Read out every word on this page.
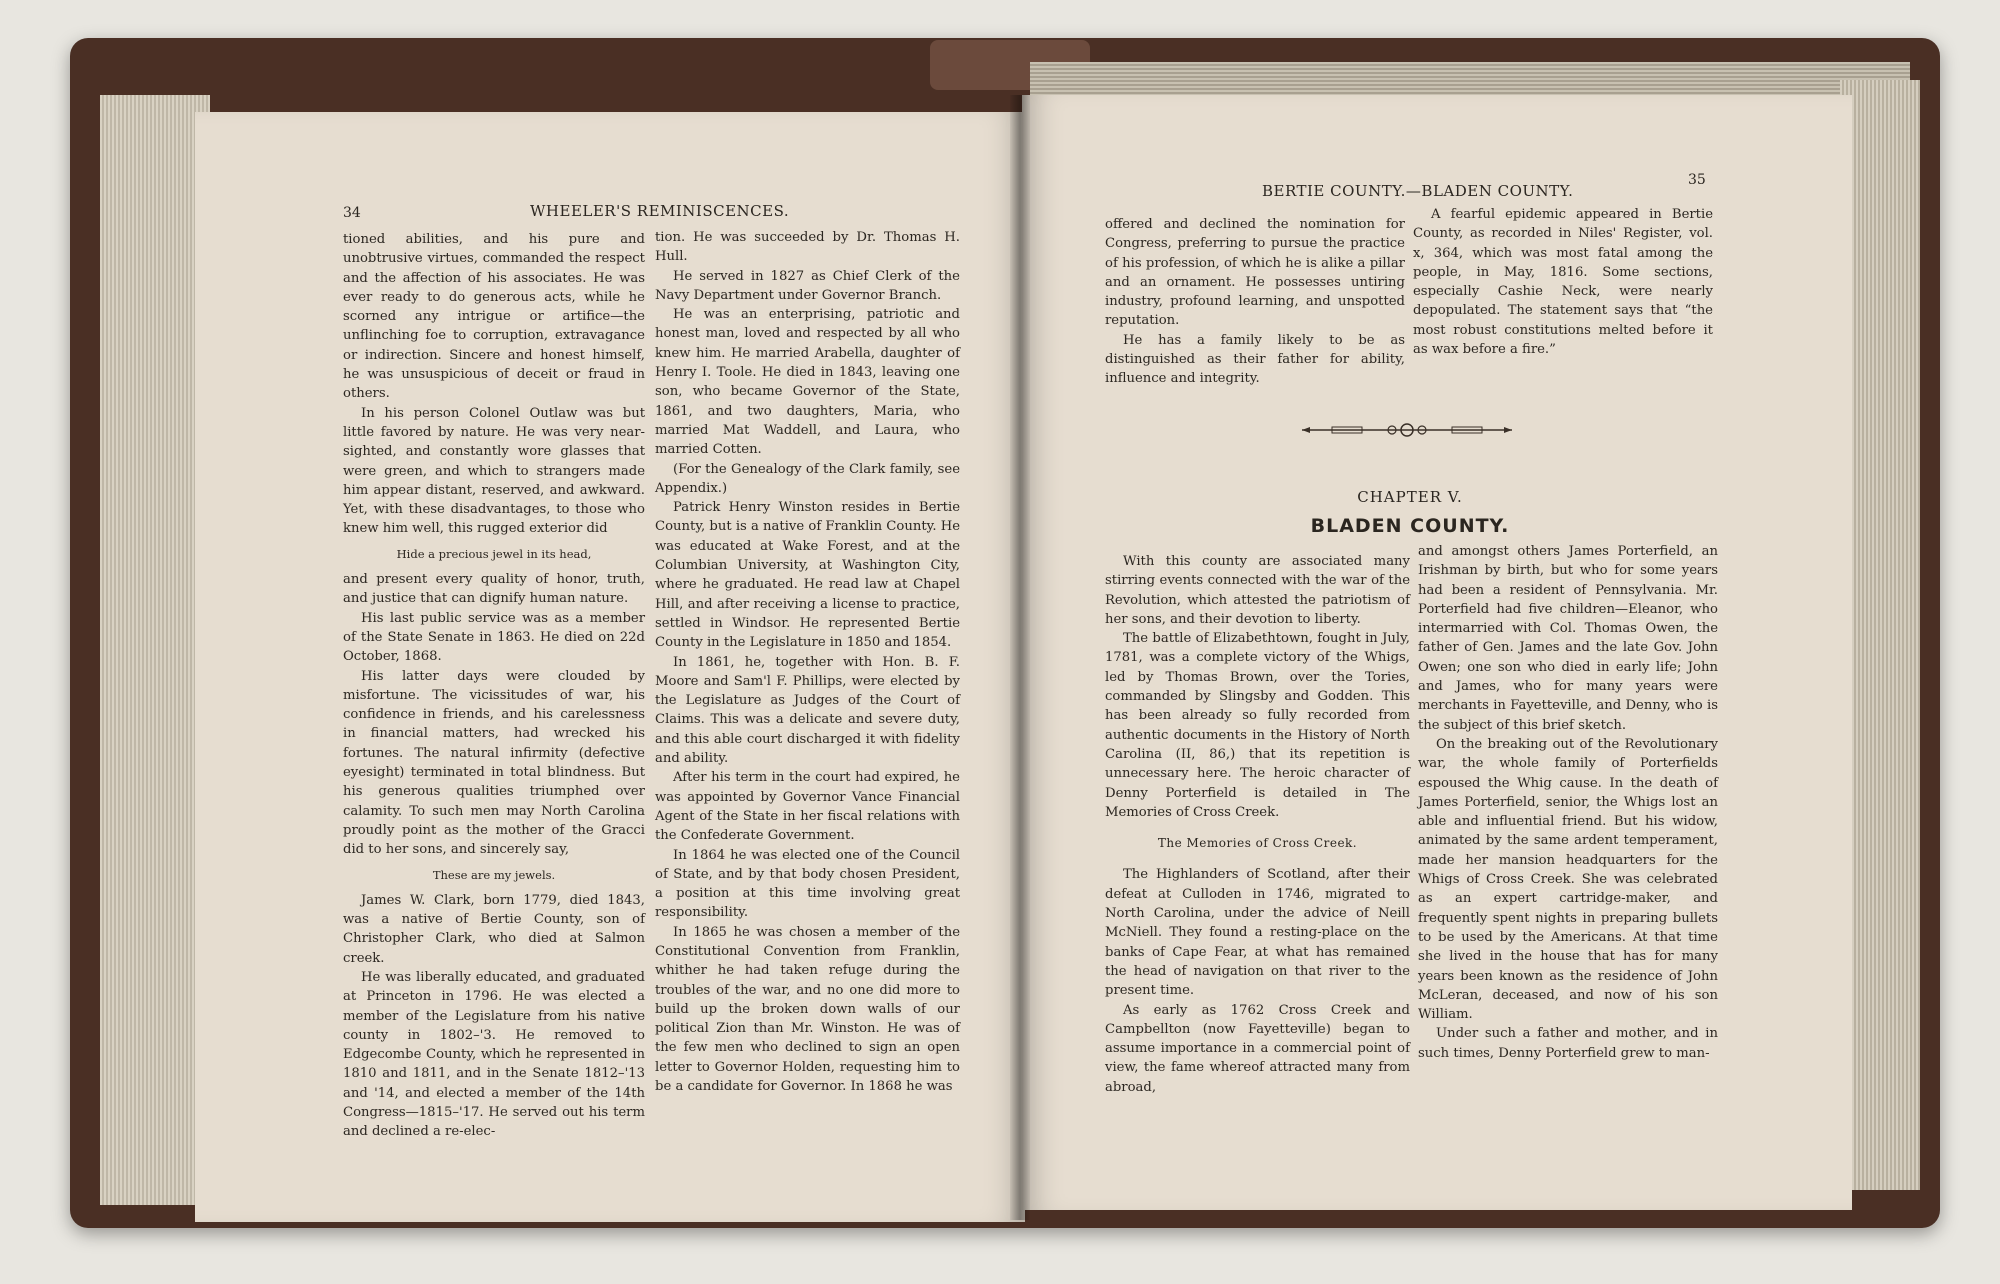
34	WHEELER'S REMINISCENCES.

tioned abilities, and his pure and unobtrusive virtues, commanded the respect and the affection of his associates. He was ever ready to do generous acts, while he scorned any intrigue or artifice—the unflinching foe to corruption, extravagance or indirection. Sincere and honest himself, he was unsuspicious of deceit or fraud in others.

In his person Colonel Outlaw was but little favored by nature. He was very near-sighted, and constantly wore glasses that were green, and which to strangers made him appear distant, reserved, and awkward. Yet, with these disadvantages, to those who knew him well, this rugged exterior did

Hide a precious jewel in its head,

and present every quality of honor, truth, and justice that can dignify human nature.

His last public service was as a member of the State Senate in 1863. He died on 22d October, 1868.

His latter days were clouded by misfortune. The vicissitudes of war, his confidence in friends, and his carelessness in financial matters, had wrecked his fortunes. The natural infirmity (defective eyesight) terminated in total blindness. But his generous qualities triumphed over calamity. To such men may North Carolina proudly point as the mother of the Gracci did to her sons, and sincerely say,

These are my jewels.

James W. Clark, born 1779, died 1843, was a native of Bertie County, son of Christopher Clark, who died at Salmon creek.

He was liberally educated, and graduated at Princeton in 1796. He was elected a member of the Legislature from his native county in 1802–'3. He removed to Edgecombe County, which he represented in 1810 and 1811, and in the Senate 1812–'13 and '14, and elected a member of the 14th Congress—1815–'17. He served out his term and declined a re-elec-

tion. He was succeeded by Dr. Thomas H. Hull.

He served in 1827 as Chief Clerk of the Navy Department under Governor Branch.

He was an enterprising, patriotic and honest man, loved and respected by all who knew him. He married Arabella, daughter of Henry I. Toole. He died in 1843, leaving one son, who became Governor of the State, 1861, and two daughters, Maria, who married Mat Waddell, and Laura, who married Cotten.

(For the Genealogy of the Clark family, see Appendix.)

Patrick Henry Winston resides in Bertie County, but is a native of Franklin County. He was educated at Wake Forest, and at the Columbian University, at Washington City, where he graduated. He read law at Chapel Hill, and after receiving a license to practice, settled in Windsor. He represented Bertie County in the Legislature in 1850 and 1854.

In 1861, he, together with Hon. B. F. Moore and Sam'l F. Phillips, were elected by the Legislature as Judges of the Court of Claims. This was a delicate and severe duty, and this able court discharged it with fidelity and ability.

After his term in the court had expired, he was appointed by Governor Vance Financial Agent of the State in her fiscal relations with the Confederate Government.

In 1864 he was elected one of the Council of State, and by that body chosen President, a position at this time involving great responsibility.

In 1865 he was chosen a member of the Constitutional Convention from Franklin, whither he had taken refuge during the troubles of the war, and no one did more to build up the broken down walls of our political Zion than Mr. Winston. He was of the few men who declined to sign an open letter to Governor Holden, requesting him to be a candidate for Governor. In 1868 he was

BERTIE COUNTY.—BLADEN COUNTY.
35

offered and declined the nomination for Congress, preferring to pursue the practice of his profession, of which he is alike a pillar and an ornament. He possesses untiring industry, profound learning, and unspotted reputation.

He has a family likely to be as distinguished as their father for ability, influence and integrity.

A fearful epidemic appeared in Bertie County, as recorded in Niles' Register, vol. x, 364, which was most fatal among the people, in May, 1816. Some sections, especially Cashie Neck, were nearly depopulated. The statement says that “the most robust constitutions melted before it as wax before a fire.”

CHAPTER V.
BLADEN COUNTY.

With this county are associated many stirring events connected with the war of the Revolution, which attested the patriotism of her sons, and their devotion to liberty.

The battle of Elizabethtown, fought in July, 1781, was a complete victory of the Whigs, led by Thomas Brown, over the Tories, commanded by Slingsby and Godden. This has been already so fully recorded from authentic documents in the History of North Carolina (II, 86,) that its repetition is unnecessary here. The heroic character of Denny Porterfield is detailed in The Memories of Cross Creek.

The Memories of Cross Creek.

The Highlanders of Scotland, after their defeat at Culloden in 1746, migrated to North Carolina, under the advice of Neill McNiell. They found a resting-place on the banks of Cape Fear, at what has remained the head of navigation on that river to the present time.

As early as 1762 Cross Creek and Campbellton (now Fayetteville) began to assume importance in a commercial point of view, the fame whereof attracted many from abroad,

and amongst others James Porterfield, an Irishman by birth, but who for some years had been a resident of Pennsylvania. Mr. Porterfield had five children—Eleanor, who intermarried with Col. Thomas Owen, the father of Gen. James and the late Gov. John Owen; one son who died in early life; John and James, who for many years were merchants in Fayetteville, and Denny, who is the subject of this brief sketch.

On the breaking out of the Revolutionary war, the whole family of Porterfields espoused the Whig cause. In the death of James Porterfield, senior, the Whigs lost an able and influential friend. But his widow, animated by the same ardent temperament, made her mansion headquarters for the Whigs of Cross Creek. She was celebrated as an expert cartridge-maker, and frequently spent nights in preparing bullets to be used by the Americans. At that time she lived in the house that has for many years been known as the residence of John McLeran, deceased, and now of his son William.

Under such a father and mother, and in such times, Denny Porterfield grew to man-
